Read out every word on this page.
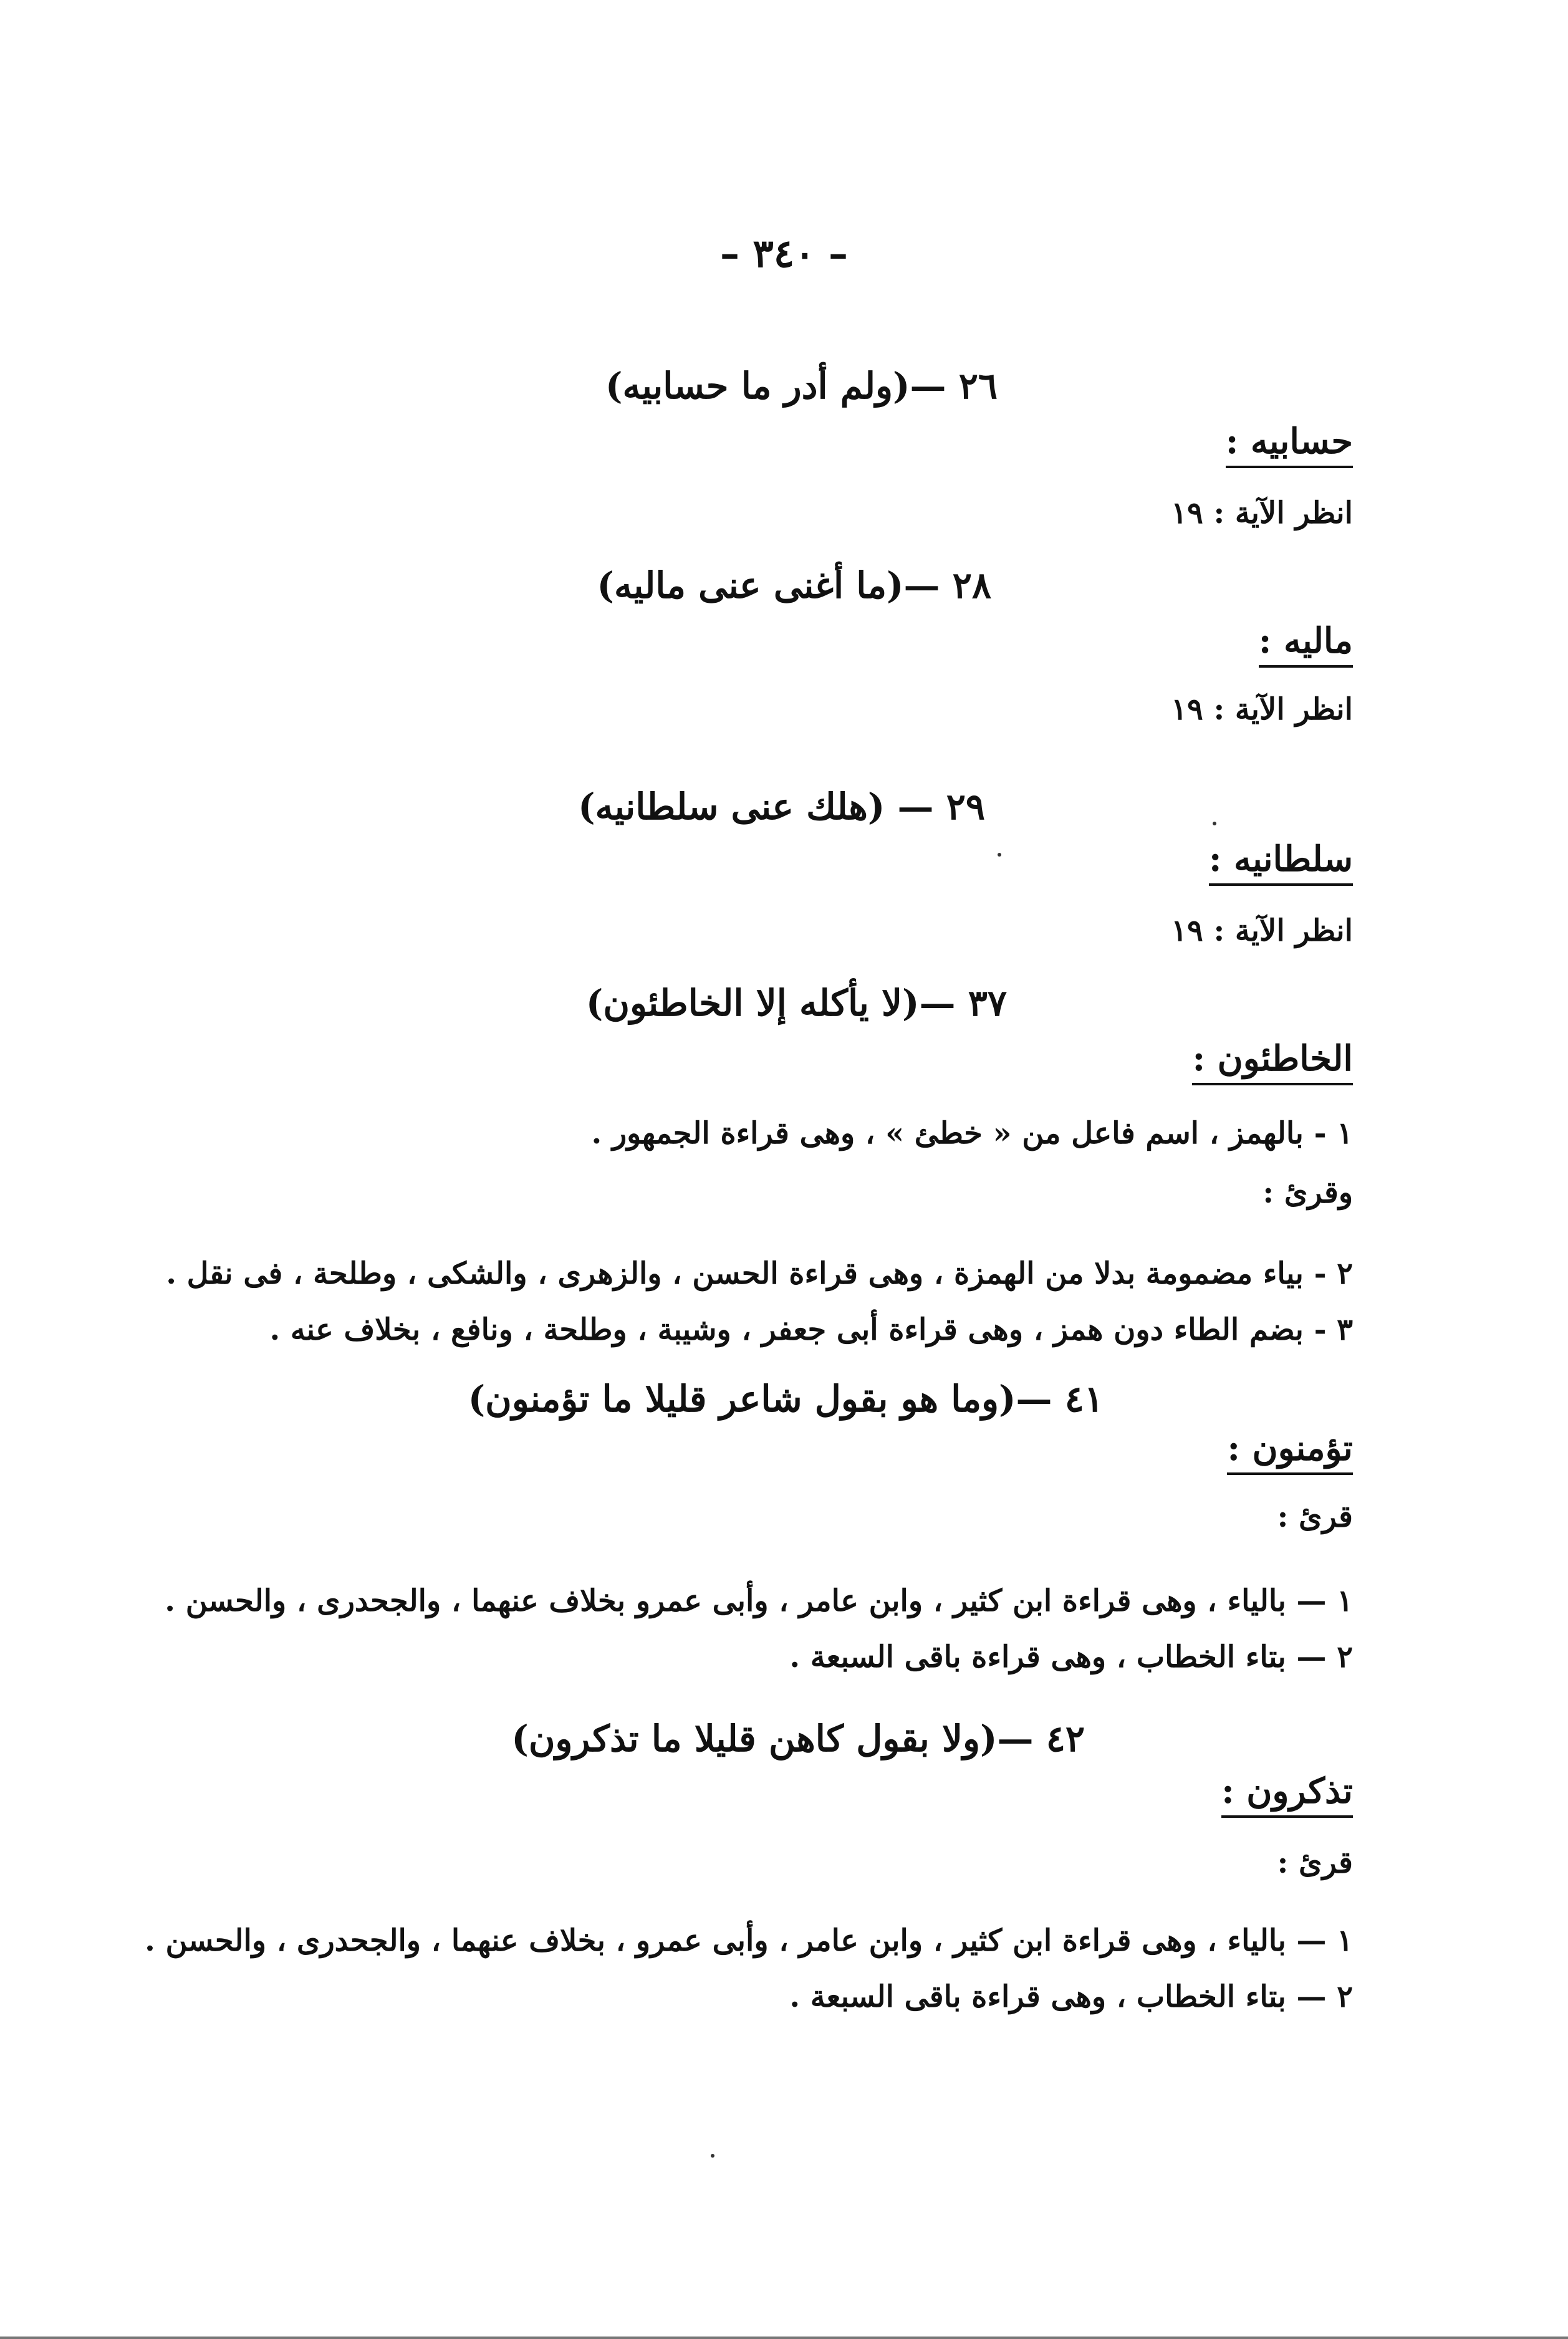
– ٣٤٠ –
٢٦ —(ولم أدر ما حسابيه)
حسابيه :
انظر الآية : ١٩
٢٨ —(ما أغنى عنى ماليه)
ماليه :
انظر الآية : ١٩
٢٩ — (هلك عنى سلطانيه)
سلطانيه :
انظر الآية : ١٩
٣٧ —(لا يأكله إلا الخاطئون)
الخاطئون :
١ - بالهمز ، اسم فاعل من « خطئ » ، وهى قراءة الجمهور .
وقرئ :
٢ - بياء مضمومة بدلا من الهمزة ، وهى قراءة الحسن ، والزهرى ، والشكى ، وطلحة ، فى نقل .
٣ - بضم الطاء دون همز ، وهى قراءة أبى جعفر ، وشيبة ، وطلحة ، ونافع ، بخلاف عنه .
٤١ —(وما هو بقول شاعر قليلا ما تؤمنون)
تؤمنون :
قرئ :
١ — بالياء ، وهى قراءة ابن كثير ، وابن عامر ، وأبى عمرو بخلاف عنهما ، والجحدرى ، والحسن .
٢ — بتاء الخطاب ، وهى قراءة باقى السبعة .
٤٢ —(ولا بقول كاهن قليلا ما تذكرون)
تذكرون :
قرئ :
١ — بالياء ، وهى قراءة ابن كثير ، وابن عامر ، وأبى عمرو ، بخلاف عنهما ، والجحدرى ، والحسن .
٢ — بتاء الخطاب ، وهى قراءة باقى السبعة .
